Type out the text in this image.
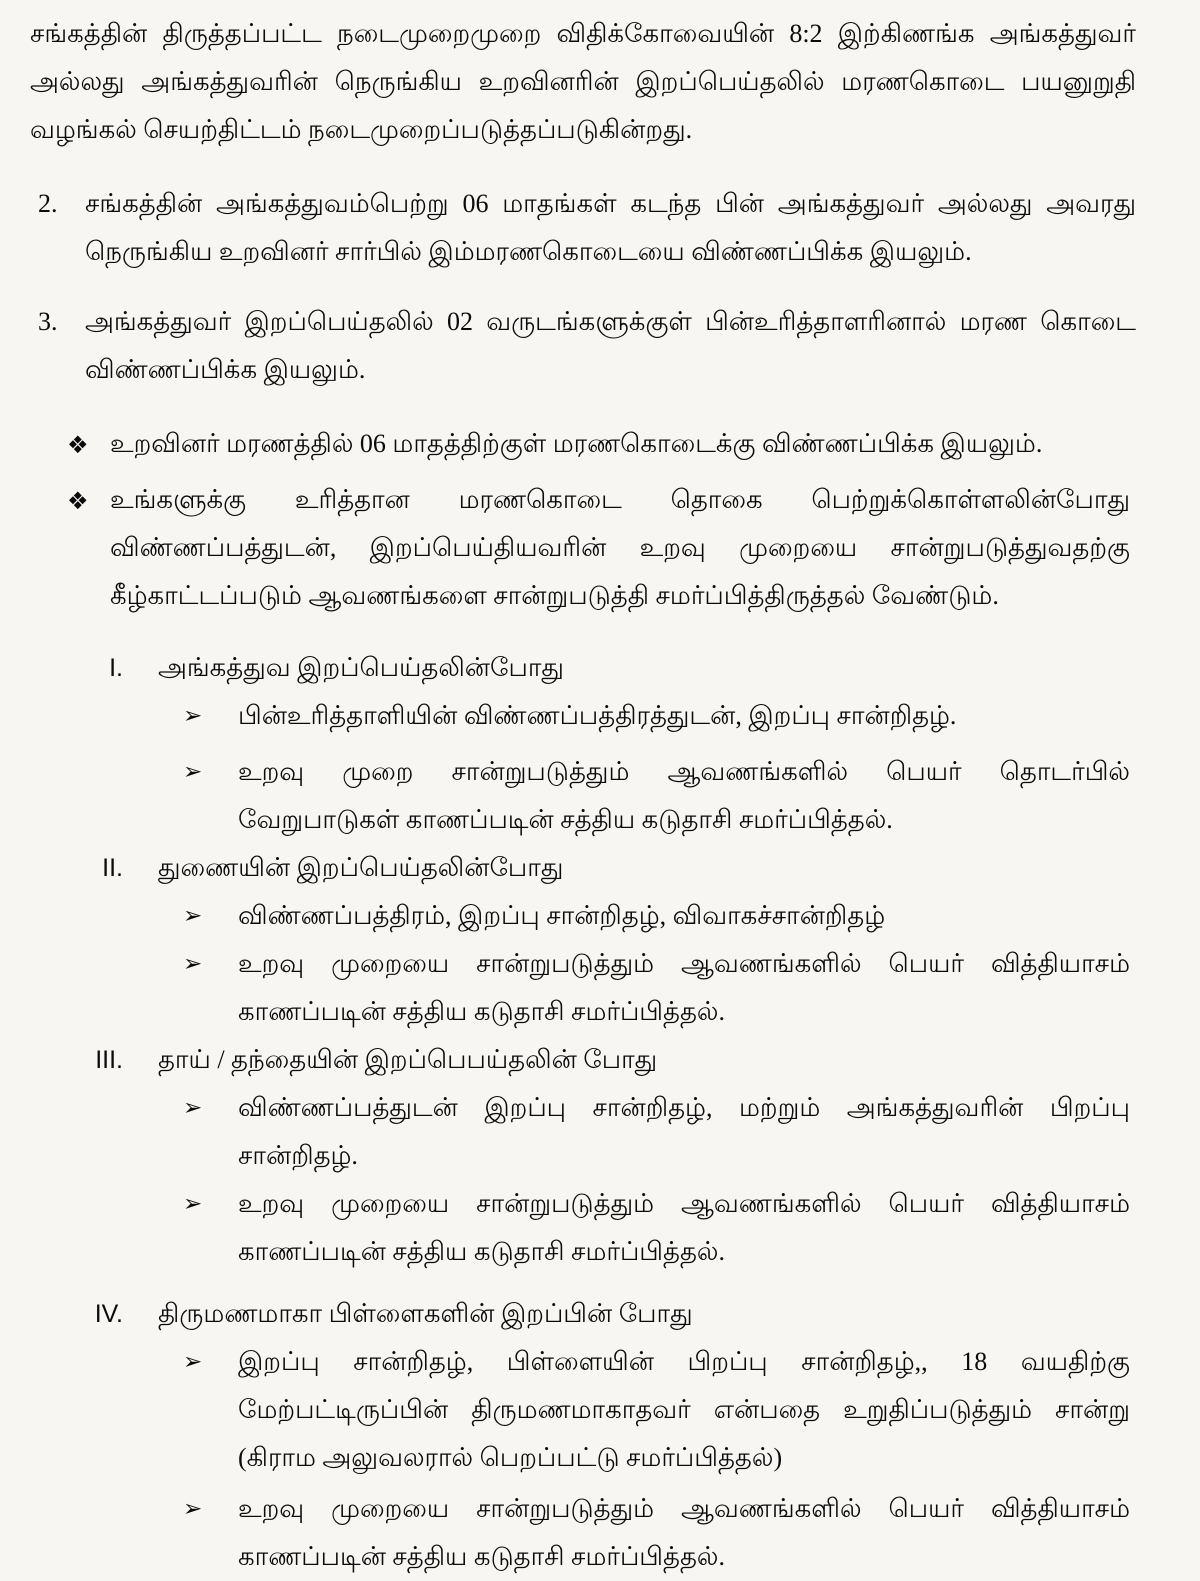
சங்கத்தின் திருத்தப்பட்ட நடைமுறைமுறை விதிக்கோவையின் 8:2 இற்கிணங்க அங்கத்துவர் அல்லது அங்கத்துவரின் நெருங்கிய உறவினரின் இறப்பெய்தலில் மரணகொடை பயனுறுதி வழங்கல் செயற்திட்டம் நடைமுறைப்படுத்தப்படுகின்றது.

2. சங்கத்தின் அங்கத்துவம்பெற்று 06 மாதங்கள் கடந்த பின் அங்கத்துவர் அல்லது அவரது நெருங்கிய உறவினர் சார்பில் இம்மரணகொடையை விண்ணப்பிக்க இயலும்.
3. அங்கத்துவர் இறப்பெய்தலில் 02 வருடங்களுக்குள் பின்உரித்தாளரினால் மரண கொடை விண்ணப்பிக்க இயலும்.
❖ உறவினர் மரணத்தில் 06 மாதத்திற்குள் மரணகொடைக்கு விண்ணப்பிக்க இயலும்.
❖ உங்களுக்கு உரித்தான மரணகொடை தொகை பெற்றுக்கொள்ளலின்போது விண்ணப்பத்துடன், இறப்பெய்தியவரின் உறவு முறையை சான்றுபடுத்துவதற்கு கீழ்காட்டப்படும் ஆவணங்களை சான்றுபடுத்தி சமர்ப்பித்திருத்தல் வேண்டும்.
I. அங்கத்துவ இறப்பெய்தலின்போது
➢ பின்உரித்தாளியின் விண்ணப்பத்திரத்துடன், இறப்பு சான்றிதழ்.
➢ உறவு முறை சான்றுபடுத்தும் ஆவணங்களில் பெயர் தொடர்பில் வேறுபாடுகள் காணப்படின் சத்திய கடுதாசி சமர்ப்பித்தல்.
II. துணையின் இறப்பெய்தலின்போது
➢ விண்ணப்பத்திரம், இறப்பு சான்றிதழ், விவாகச்சான்றிதழ்
➢ உறவு முறையை சான்றுபடுத்தும் ஆவணங்களில் பெயர் வித்தியாசம் காணப்படின் சத்திய கடுதாசி சமர்ப்பித்தல்.
III. தாய் / தந்தையின் இறப்பெபய்தலின் போது
➢ விண்ணப்பத்துடன் இறப்பு சான்றிதழ், மற்றும் அங்கத்துவரின் பிறப்பு சான்றிதழ்.
➢ உறவு முறையை சான்றுபடுத்தும் ஆவணங்களில் பெயர் வித்தியாசம் காணப்படின் சத்திய கடுதாசி சமர்ப்பித்தல்.
IV. திருமணமாகா பிள்ளைகளின் இறப்பின் போது
➢ இறப்பு சான்றிதழ், பிள்ளையின் பிறப்பு சான்றிதழ்,, 18 வயதிற்கு மேற்பட்டிருப்பின் திருமணமாகாதவர் என்பதை உறுதிப்படுத்தும் சான்று (கிராம அலுவலரால் பெறப்பட்டு சமர்ப்பித்தல்)
➢ உறவு முறையை சான்றுபடுத்தும் ஆவணங்களில் பெயர் வித்தியாசம் காணப்படின் சத்திய கடுதாசி சமர்ப்பித்தல்.
